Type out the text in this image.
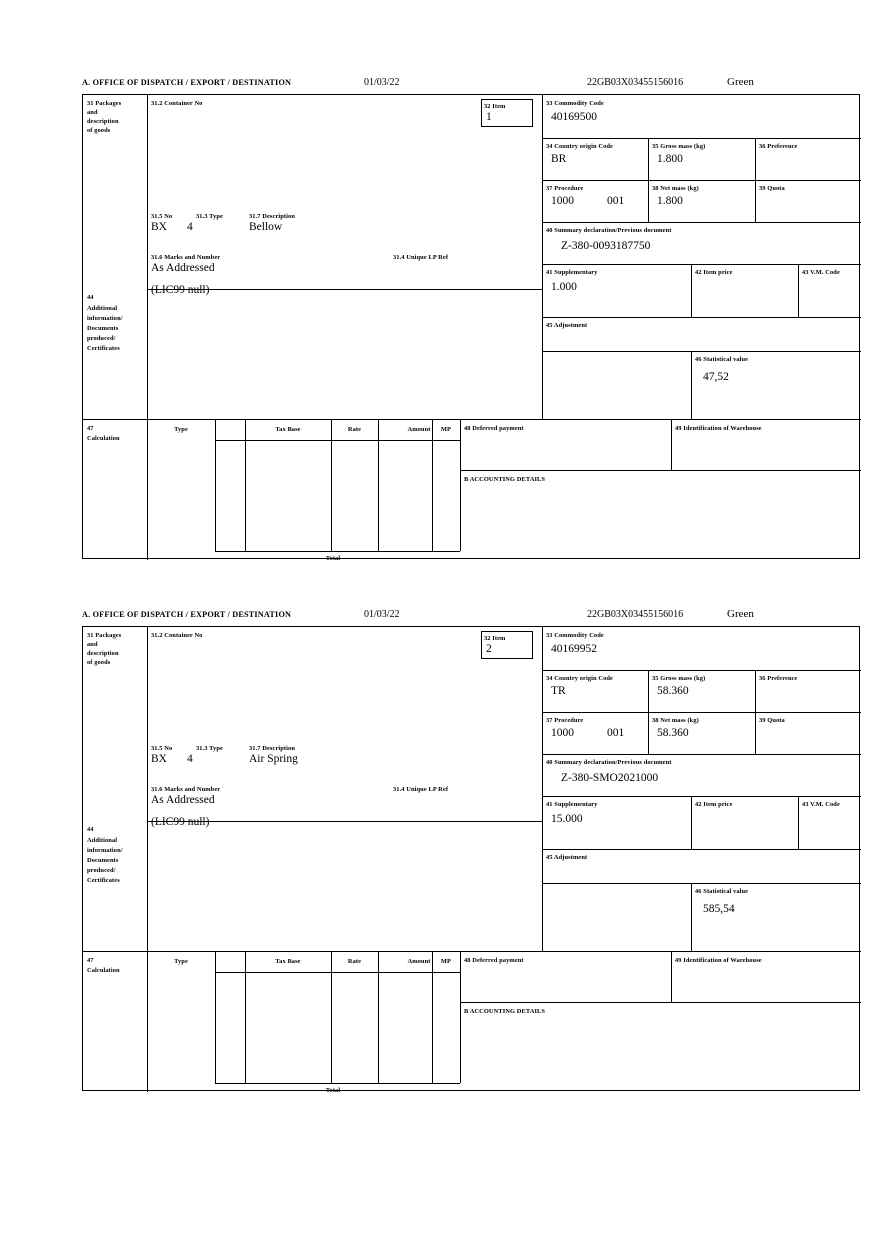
A. OFFICE OF DISPATCH / EXPORT / DESTINATION	01/03/22	22GB03X03455156016	Green
31 Packages
and
description
of goods
31.2 Container No
31.5 No	31.3 Type	31.7 Description
BX 4	Bellow
31.6 Marks and Number	31.4 Unique LP Ref
As Addressed
32 Item
1
44
Additional
information/
Documents
produced/
Certificates
(LIC99 null)
33 Commodity Code
40169500
34 Country origin Code
BR
35 Gross mass (kg)
1.800
36 Preference
37 Procedure
1000	001
38 Net mass (kg)
1.800
39 Quota
40 Summary declaration/Previous document
Z-380-0093187750
41 Supplementary
1.000
42 Item price	43 V.M. Code
45 Adjustment
46 Statistical value
47,52
47
Calculation
Type	Tax Base	Rate	Amount	MP
Total
48 Deferred payment	49 Identification of Warehouse
B ACCOUNTING DETAILS
A. OFFICE OF DISPATCH / EXPORT / DESTINATION	01/03/22	22GB03X03455156016	Green
31 Packages
and
description
of goods
31.2 Container No
31.5 No	31.3 Type	31.7 Description
BX 4	Air Spring
31.6 Marks and Number	31.4 Unique LP Ref
As Addressed
32 Item
2
44
Additional
information/
Documents
produced/
Certificates
(LIC99 null)
33 Commodity Code
40169952
34 Country origin Code
TR
35 Gross mass (kg)
58.360
36 Preference
37 Procedure
1000	001
38 Net mass (kg)
58.360
39 Quota
40 Summary declaration/Previous document
Z-380-SMO2021000
41 Supplementary
15.000
42 Item price	43 V.M. Code
45 Adjustment
46 Statistical value
585,54
47
Calculation
Type	Tax Base	Rate	Amount	MP
Total
48 Deferred payment	49 Identification of Warehouse
B ACCOUNTING DETAILS
